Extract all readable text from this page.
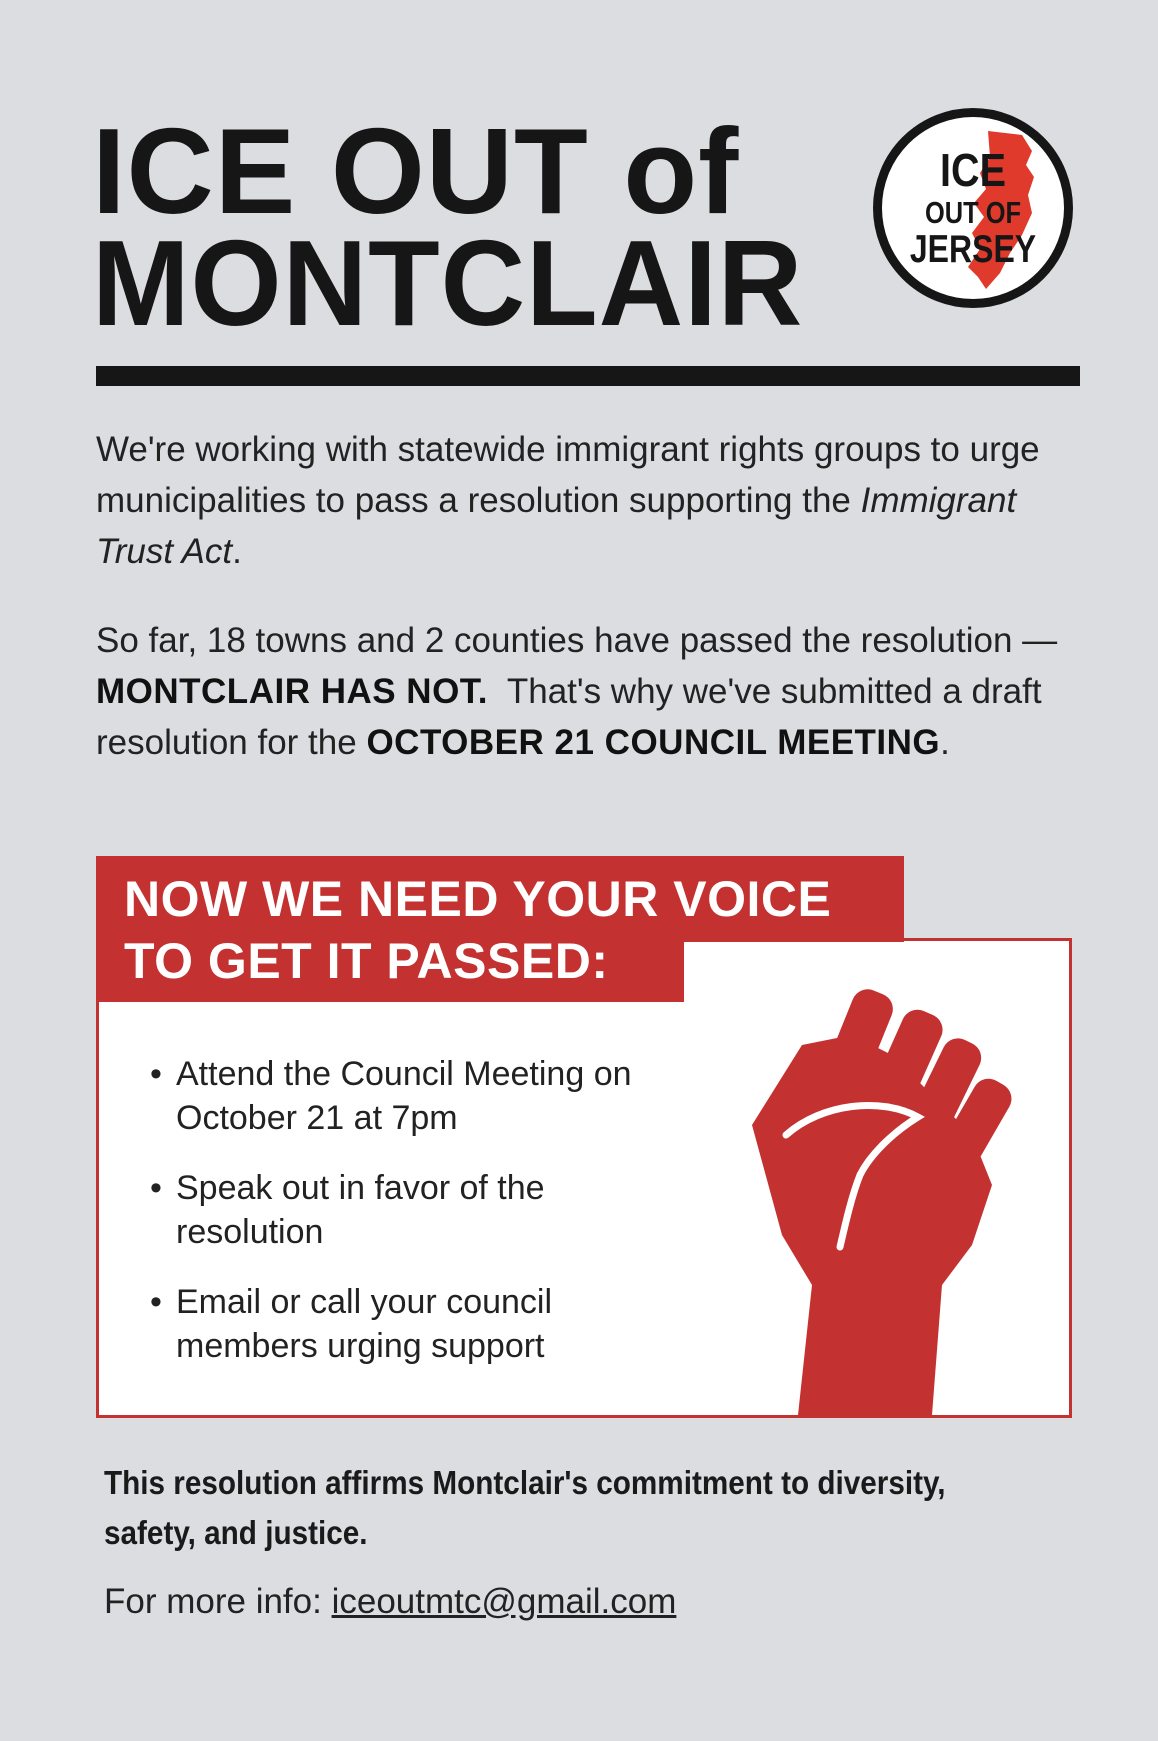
ICE OUT of
MONTCLAIR
ICE
OUT OF
JERSEY
We're working with statewide immigrant rights groups to urge municipalities to pass a resolution supporting the Immigrant Trust Act.
So far, 18 towns and 2 counties have passed the resolution — MONTCLAIR HAS NOT.  That's why we've submitted a draft resolution for the OCTOBER 21 COUNCIL MEETING.
NOW WE NEED YOUR VOICE
TO GET IT PASSED:
• Attend the Council Meeting on October 21 at 7pm
• Speak out in favor of the resolution
• Email or call your council members urging support
This resolution affirms Montclair's commitment to diversity, safety, and justice.
For more info: iceoutmtc@gmail.com
